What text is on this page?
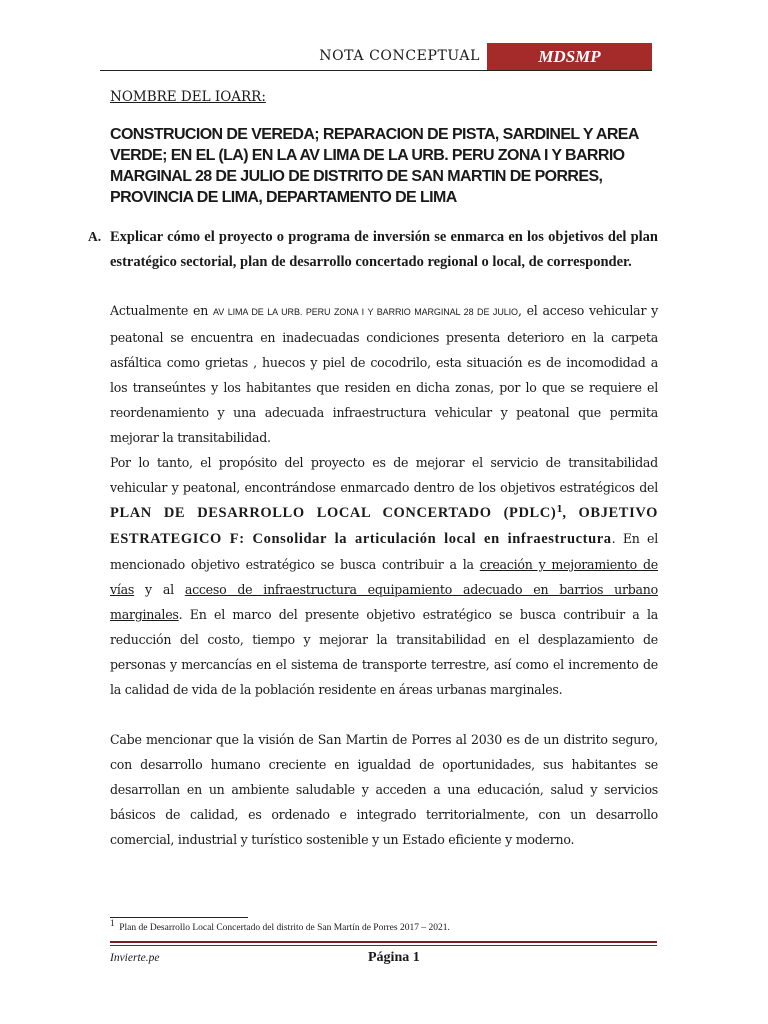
NOTA CONCEPTUAL	MDSMP
NOMBRE DEL IOARR:

CONSTRUCION DE VEREDA; REPARACION DE PISTA, SARDINEL Y AREA VERDE; EN EL (LA) EN LA AV LIMA DE LA URB. PERU ZONA I Y BARRIO MARGINAL 28 DE JULIO DE DISTRITO DE SAN MARTIN DE PORRES, PROVINCIA DE LIMA, DEPARTAMENTO DE LIMA

A. Explicar cómo el proyecto o programa de inversión se enmarca en los objetivos del plan estratégico sectorial, plan de desarrollo concertado regional o local, de corresponder.

Actualmente en AV LIMA DE LA URB. PERU ZONA I Y BARRIO MARGINAL 28 DE JULIO, el acceso vehicular y peatonal se encuentra en inadecuadas condiciones presenta deterioro en la carpeta asfáltica como grietas , huecos y piel de cocodrilo, esta situación es de incomodidad a los transeúntes y los habitantes que residen en dicha zonas, por lo que se requiere el reordenamiento y una adecuada infraestructura vehicular y peatonal que permita mejorar la transitabilidad.

Por lo tanto, el propósito del proyecto es de mejorar el servicio de transitabilidad vehicular y peatonal, encontrándose enmarcado dentro de los objetivos estratégicos del PLAN DE DESARROLLO LOCAL CONCERTADO (PDLC)$^1$, OBJETIVO ESTRATEGICO F: Consolidar la articulación local en infraestructura. En el mencionado objetivo estratégico se busca contribuir a la creación y mejoramiento de vías y al acceso de infraestructura equipamiento adecuado en barrios urbano marginales. En el marco del presente objetivo estratégico se busca contribuir a la reducción del costo, tiempo y mejorar la transitabilidad en el desplazamiento de personas y mercancías en el sistema de transporte terrestre, así como el incremento de la calidad de vida de la población residente en áreas urbanas marginales.

Cabe mencionar que la visión de San Martin de Porres al 2030 es de un distrito seguro, con desarrollo humano creciente en igualdad de oportunidades, sus habitantes se desarrollan en un ambiente saludable y acceden a una educación, salud y servicios básicos de calidad, es ordenado e integrado territorialmente, con un desarrollo comercial, industrial y turístico sostenible y un Estado eficiente y moderno.

$^1$  Plan de Desarrollo Local Concertado del distrito de San Martín de Porres 2017 – 2021.
Invierte.pe	Página 1
